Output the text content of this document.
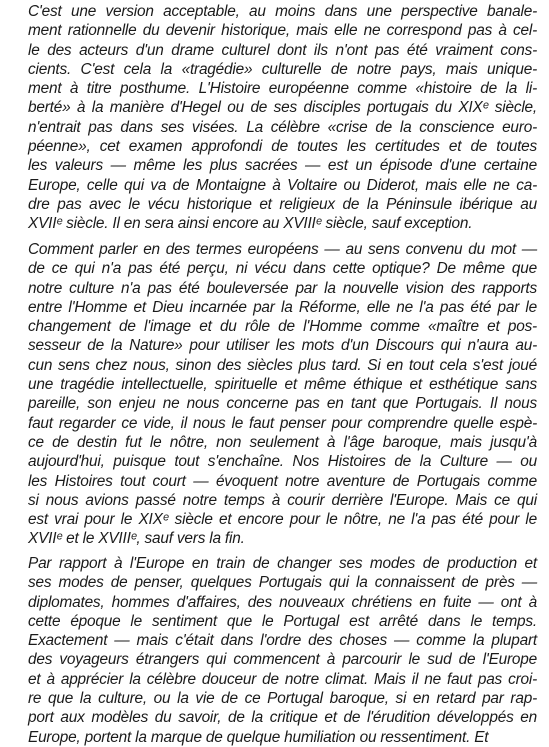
C'est une version acceptable, au moins dans une perspective banale-
ment rationnelle du devenir historique, mais elle ne correspond pas à cel-
le des acteurs d'un drame culturel dont ils n'ont pas été vraiment cons-
cients. C'est cela la «tragédie» culturelle de notre pays, mais unique-
ment à titre posthume. L'Histoire européenne comme «histoire de la li-
berté» à la manière d'Hegel ou de ses disciples portugais du XIXᵉ siècle,
n'entrait pas dans ses visées. La célèbre «crise de la conscience euro-
péenne», cet examen approfondi de toutes les certitudes et de toutes
les valeurs — même les plus sacrées — est un épisode d'une certaine
Europe, celle qui va de Montaigne à Voltaire ou Diderot, mais elle ne ca-
dre pas avec le vécu historique et religieux de la Péninsule ibérique au
XVIIᵉ siècle. Il en sera ainsi encore au XVIIIᵉ siècle, sauf exception.

Comment parler en des termes européens — au sens convenu du mot —
de ce qui n'a pas été perçu, ni vécu dans cette optique? De même que
notre culture n'a pas été bouleversée par la nouvelle vision des rapports
entre l'Homme et Dieu incarnée par la Réforme, elle ne l'a pas été par le
changement de l'image et du rôle de l'Homme comme «maître et pos-
sesseur de la Nature» pour utiliser les mots d'un Discours qui n'aura au-
cun sens chez nous, sinon des siècles plus tard. Si en tout cela s'est joué
une tragédie intellectuelle, spirituelle et même éthique et esthétique sans
pareille, son enjeu ne nous concerne pas en tant que Portugais. Il nous
faut regarder ce vide, il nous le faut penser pour comprendre quelle espè-
ce de destin fut le nôtre, non seulement à l'âge baroque, mais jusqu'à
aujourd'hui, puisque tout s'enchaîne. Nos Histoires de la Culture — ou
les Histoires tout court — évoquent notre aventure de Portugais comme
si nous avions passé notre temps à courir derrière l'Europe. Mais ce qui
est vrai pour le XIXᵉ siècle et encore pour le nôtre, ne l'a pas été pour le
XVIIᵉ et le XVIIIᵉ, sauf vers la fin.

Par rapport à l'Europe en train de changer ses modes de production et
ses modes de penser, quelques Portugais qui la connaissent de près —
diplomates, hommes d'affaires, des nouveaux chrétiens en fuite — ont à
cette époque le sentiment que le Portugal est arrêté dans le temps.
Exactement — mais c'était dans l'ordre des choses — comme la plupart
des voyageurs étrangers qui commencent à parcourir le sud de l'Europe
et à apprécier la célèbre douceur de notre climat. Mais il ne faut pas croi-
re que la culture, ou la vie de ce Portugal baroque, si en retard par rap-
port aux modèles du savoir, de la critique et de l'érudition développés en
Europe, portent la marque de quelque humiliation ou ressentiment. Et
